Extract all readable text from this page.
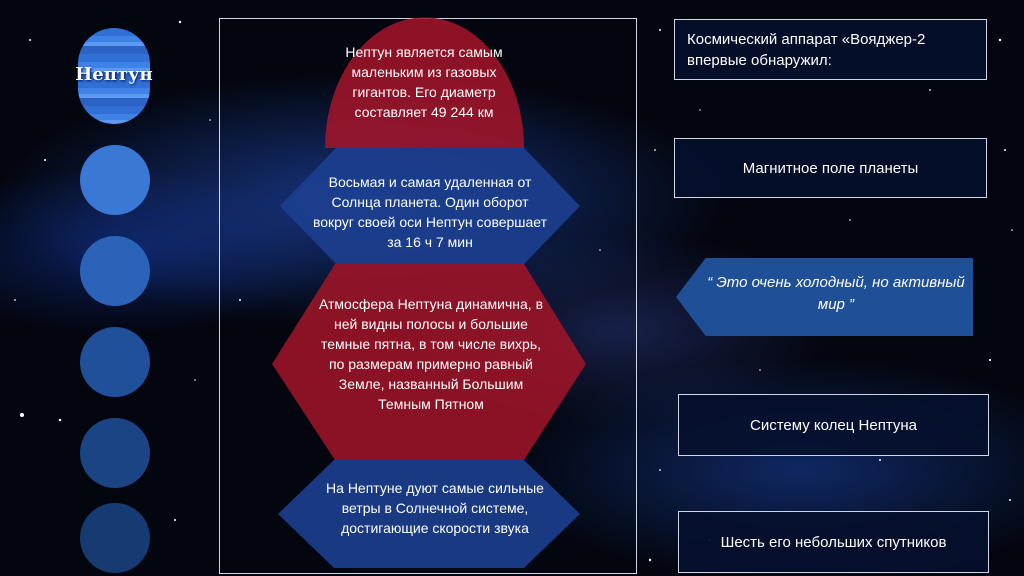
Нептун
Нептун является самым маленьким из газовых гигантов. Его диаметр составляет 49 244 км
Восьмая и самая удаленная от Солнца планета. Один оборот вокруг своей оси Нептун совершает за 16 ч 7 мин
Атмосфера Нептуна динамична, в ней видны полосы и большие темные пятна, в том числе вихрь, по размерам примерно равный Земле, названный Большим Темным Пятном
На Нептуне дуют самые сильные ветры в Солнечной системе, достигающие скорости звука
Космический аппарат «Вояджер-2 впервые обнаружил:
Магнитное поле планеты
“ Это очень холодный, но активный мир ”
Систему колец Нептуна
Шесть его небольших спутников
